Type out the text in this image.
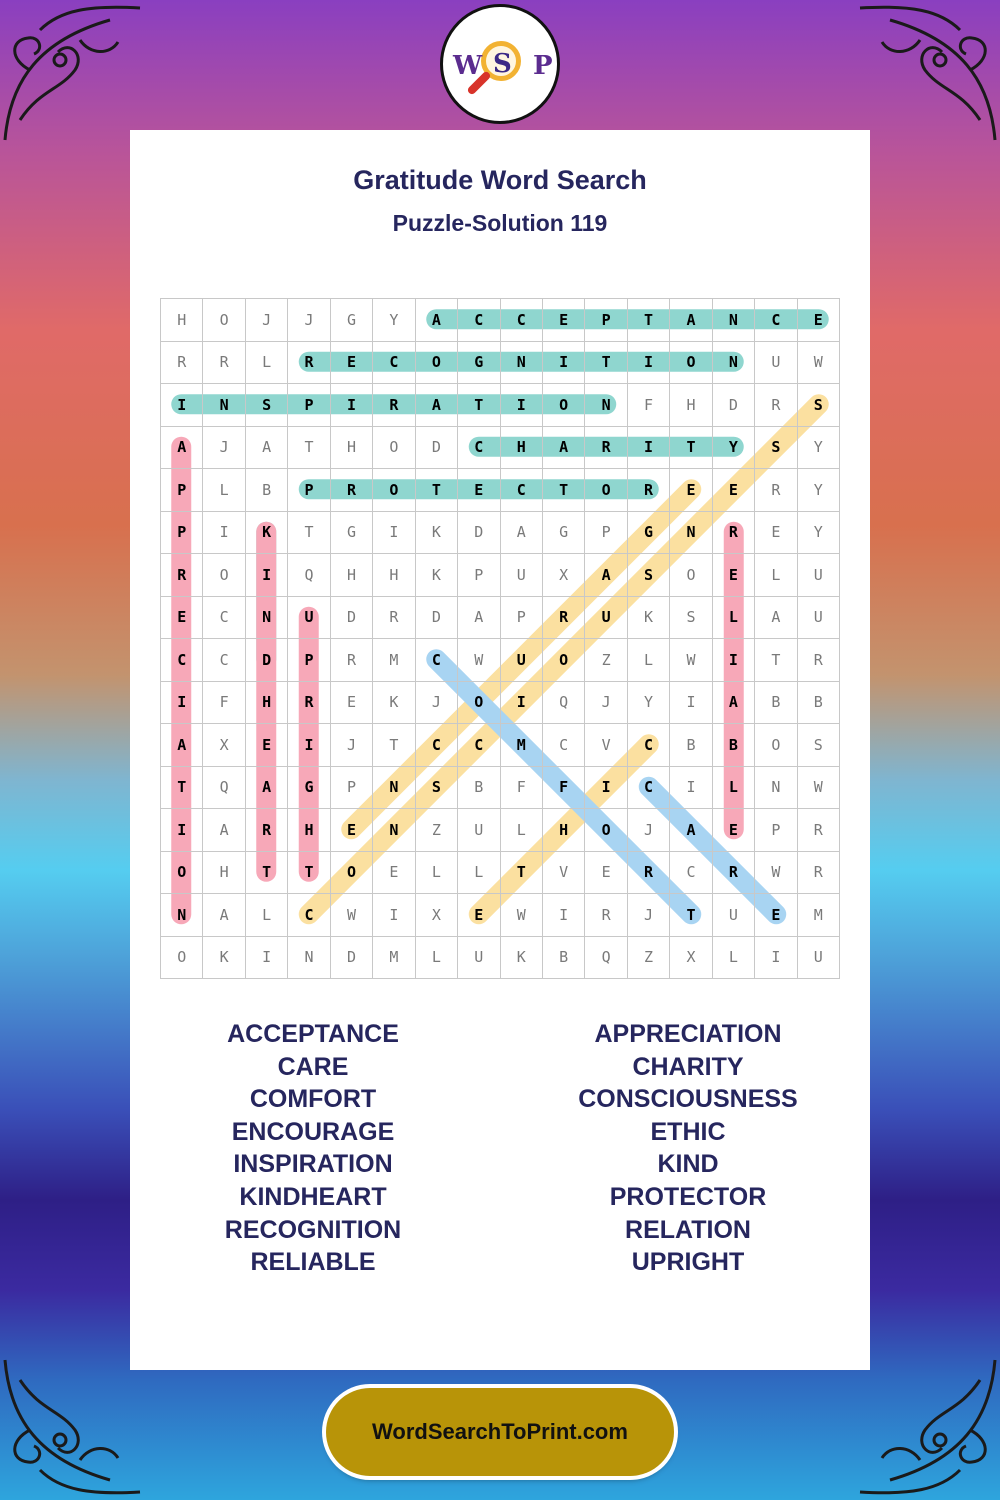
W S P
Gratitude Word Search
Puzzle-Solution 119
H	O	J	J	G	Y	A	C	C	E	P	T	A	N	C	E
R	R	L	R	E	C	O	G	N	I	T	I	O	N	U	W
I	N	S	P	I	R	A	T	I	O	N	F	H	D	R	S
A	J	A	T	H	O	D	C	H	A	R	I	T	Y	S	Y
P	L	B	P	R	O	T	E	C	T	O	R	E	E	R	Y
P	I	K	T	G	I	K	D	A	G	P	G	N	R	E	Y
R	O	I	Q	H	H	K	P	U	X	A	S	O	E	L	U
E	C	N	U	D	R	D	A	P	R	U	K	S	L	A	U
C	C	D	P	R	M	C	W	U	O	Z	L	W	I	T	R
I	F	H	R	E	K	J	O	I	Q	J	Y	I	A	B	B
A	X	E	I	J	T	C	C	M	C	V	C	B	B	O	S
T	Q	A	G	P	N	S	B	F	F	I	C	I	L	N	W
I	A	R	H	E	N	Z	U	L	H	O	J	A	E	P	R
O	H	T	T	O	E	L	L	T	V	E	R	C	R	W	R
N	A	L	C	W	I	X	E	W	I	R	J	T	U	E	M
O	K	I	N	D	M	L	U	K	B	Q	Z	X	L	I	U
ACCEPTANCE
CARE
COMFORT
ENCOURAGE
INSPIRATION
KINDHEART
RECOGNITION
RELIABLE
APPRECIATION
CHARITY
CONSCIOUSNESS
ETHIC
KIND
PROTECTOR
RELATION
UPRIGHT
WordSearchToPrint.com
